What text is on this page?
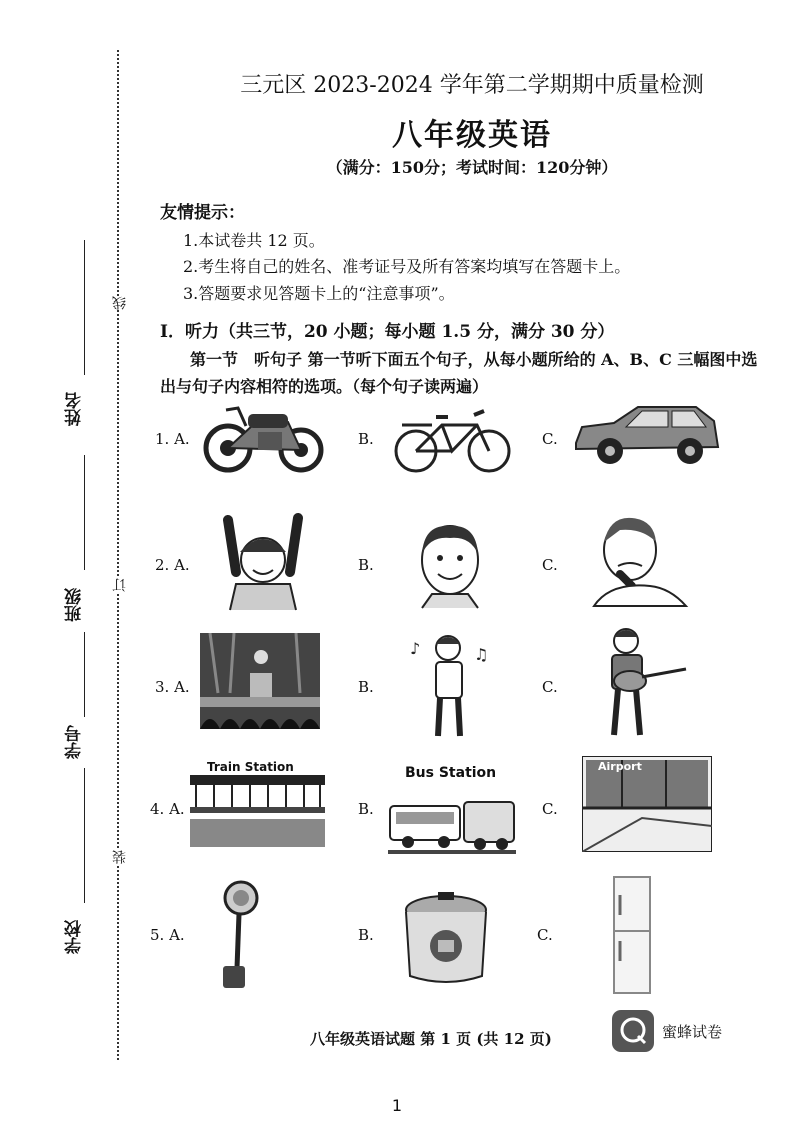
姓名
班级
学号
学校
线
订
装
三元区 2023-2024 学年第二学期期中质量检测
八年级英语
（满分：150分；考试时间：120分钟）
友情提示：
1.本试卷共 12 页。
2.考生将自己的姓名、准考证号及所有答案均填写在答题卡上。
3.答题要求见答题卡上的“注意事项”。
Ⅰ．听力（共三节，20 小题；每小题 1.5 分，满分 30 分）
第一节　听句子 第一节听下面五个句子，从每小题所给的 A、B、C 三幅图中选
出与句子内容相符的选项。（每个句子读两遍）
1. A.	B.	C.
2. A.	B.	C.
3. A.	B.	C.
♪	♫
4. A.	B.	C.
Train Station	Bus Station	Airport
5. A.	B.	C.
八年级英语试题 第 1 页 (共 12 页)	蜜蜂试卷
1
